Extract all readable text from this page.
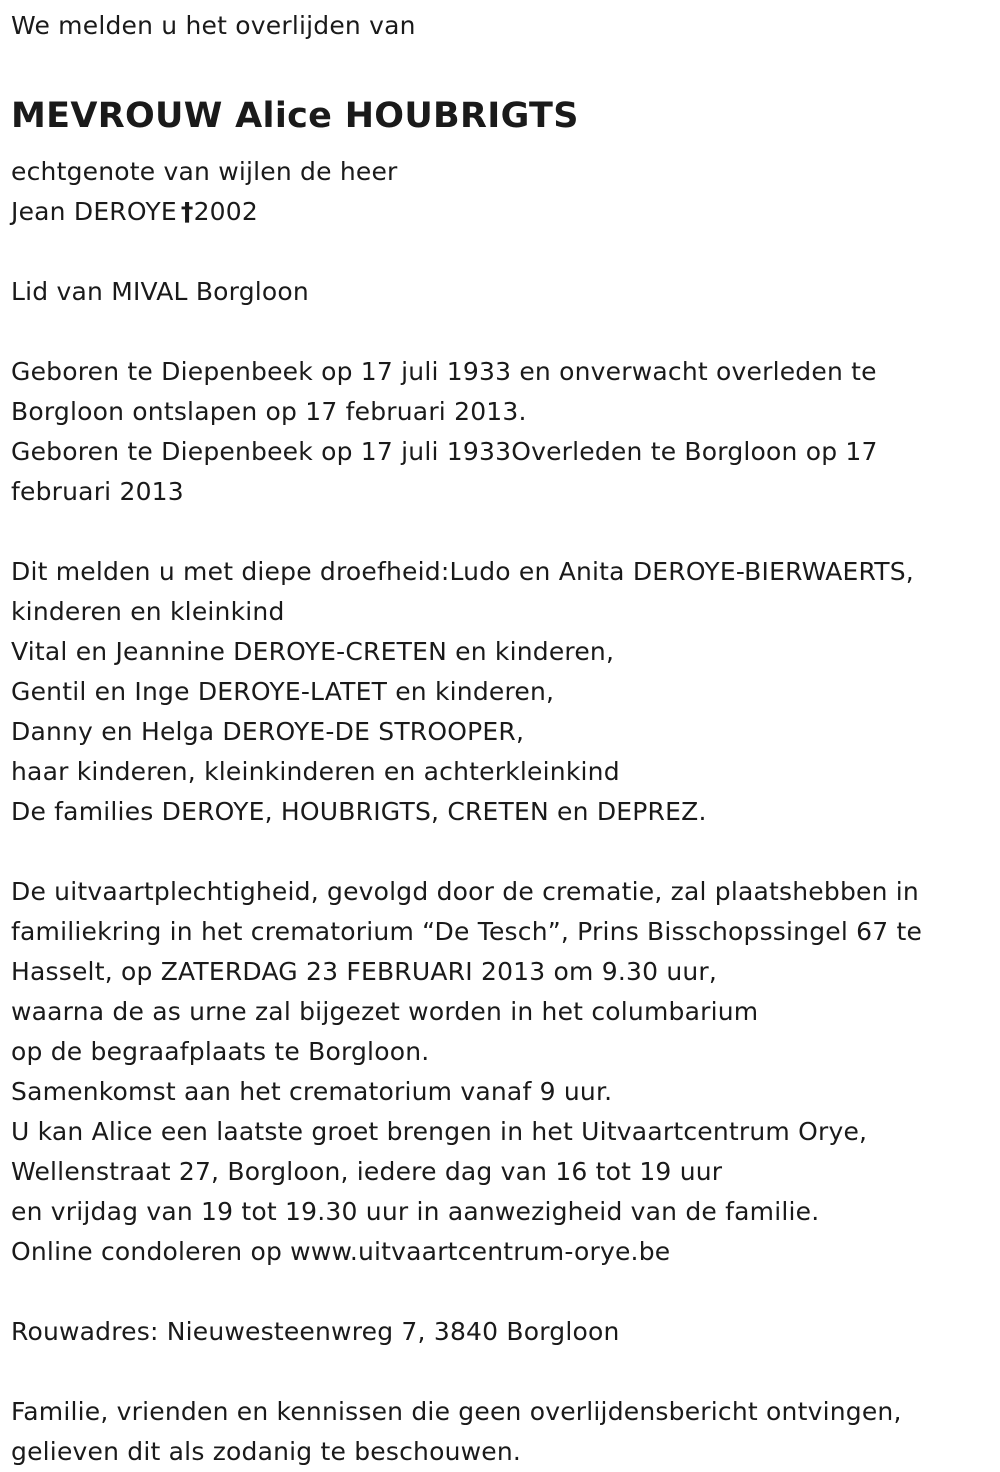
We melden u het overlijden van
MEVROUW Alice HOUBRIGTS
echtgenote van wijlen de heer
Jean DEROYE †2002
Lid van MIVAL Borgloon
Geboren te Diepenbeek op 17 juli 1933 en onverwacht overleden te
Borgloon ontslapen op 17 februari 2013.
Geboren te Diepenbeek op 17 juli 1933Overleden te Borgloon op 17
februari 2013
Dit melden u met diepe droefheid:Ludo en Anita DEROYE-BIERWAERTS,
kinderen en kleinkind
Vital en Jeannine DEROYE-CRETEN en kinderen,
Gentil en Inge DEROYE-LATET en kinderen,
Danny en Helga DEROYE-DE STROOPER,
haar kinderen, kleinkinderen en achterkleinkind
De families DEROYE, HOUBRIGTS, CRETEN en DEPREZ.
De uitvaartplechtigheid, gevolgd door de crematie, zal plaatshebben in
familiekring in het crematorium “De Tesch”, Prins Bisschopssingel 67 te
Hasselt, op ZATERDAG 23 FEBRUARI 2013 om 9.30 uur,
waarna de as urne zal bijgezet worden in het columbarium
op de begraafplaats te Borgloon.
Samenkomst aan het crematorium vanaf 9 uur.
U kan Alice een laatste groet brengen in het Uitvaartcentrum Orye,
Wellenstraat 27, Borgloon, iedere dag van 16 tot 19 uur
en vrijdag van 19 tot 19.30 uur in aanwezigheid van de familie.
Online condoleren op www.uitvaartcentrum-orye.be
Rouwadres: Nieuwesteenwreg 7, 3840 Borgloon
Familie, vrienden en kennissen die geen overlijdensbericht ontvingen,
gelieven dit als zodanig te beschouwen.
